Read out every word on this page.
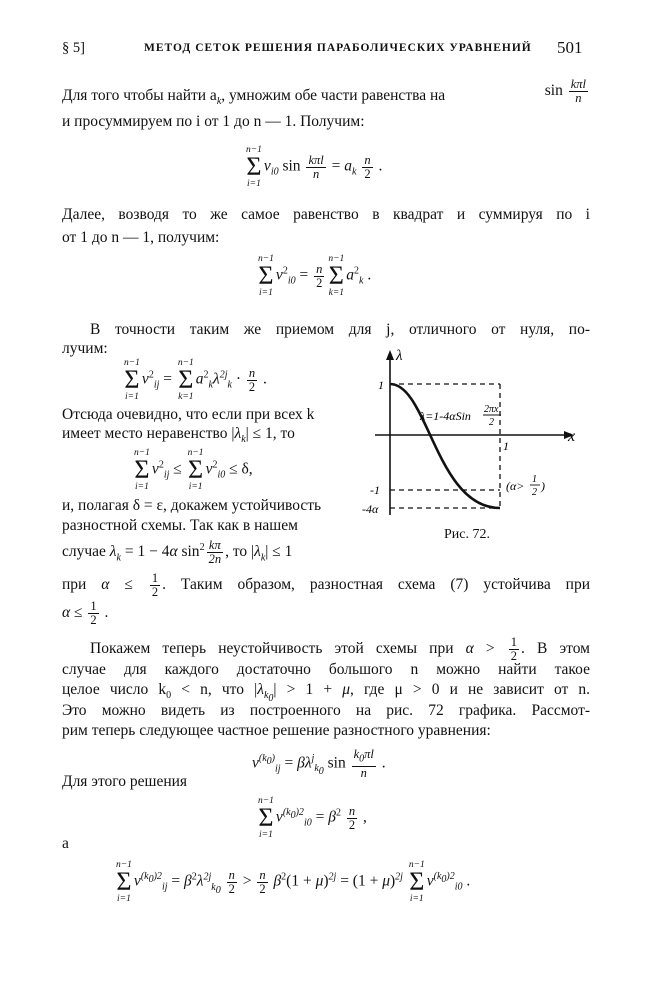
§ 5]	МЕТОД СЕТОК РЕШЕНИЯ ПАРАБОЛИЧЕСКИХ УРАВНЕНИЙ 501
Для того чтобы найти $a_k$, умножим обе части равенства на	$\sin \frac{\text{kπl}}{n}$
и просуммируем по i от 1 до n — 1. Получим:
n−1
Σ
i=1
$v_{i0}$ $\sin \frac{\text{kπl}}{n} = a_k \frac{n}{2}$ .
Далее, возводя то же самое равенство в квадрат и суммируя по i
от 1 до n — 1, получим:
n−1
Σ
i=1
$v^2_{i0} = \frac{n}{2}$
n−1
Σ
k=1
$a^2_k$ .
В точности таким же приемом для j, отличного от нуля, по-
лучим:
n−1
Σ
i=1
$v^2_{ij}$ =
n−1
Σ
k=1
$a^2_k\lambda^{2j}_k \cdot \frac{n}{2}$ .
Отсюда очевидно, что если при всех k
имеет место неравенство $|\lambda_k| \le 1$, то
n−1
Σ
i=1
$v^2_{ij}$ ≤
n−1
Σ
i=1
$v^2_{i0} \le \delta$,
и, полагая δ = ε, докажем устойчивость
разностной схемы. Так как в нашем
случае $\lambda_k = 1 - 4\alpha$ $\sin^2 \frac{k\pi}{2n}$ , то $|\lambda_k| \le 1$
при $\alpha \le \frac{1}{2}$ . Таким образом, разностная схема (7) устойчива при
$\alpha \le \frac{1}{2}$ .
Покажем теперь неустойчивость этой схемы при $\alpha > \frac{1}{2}$ . В этом
случае для каждого достаточно большого n можно найти такое
целое число $k_0 < n$, что $|\lambda_{k_0}| > 1 + \mu$, где μ > 0 и не зависит от n.
Это можно видеть из построенного на рис. 72 графика. Рассмот-
рим теперь следующее частное решение разностного уравнения:
$v^{(k_0)}_{ij} = \beta\lambda^j_{k_0}$ $\sin \frac{k_0\pi l}{n}$ .
Для этого решения
n−1
Σ
i=1
$v^{(k_0)2}_{i0} = \beta^2 \frac{n}{2}$ ,
а
n−1
Σ
i=1
$v^{(k_0)2}_{ij} = \beta^2\lambda^{2j}_{k_0} \frac{n}{2} > \frac{n}{2} \beta^2(1 + \mu)^{2j} = (1 + \mu)^{2j}$
n−1
Σ
i=1
$v^{(k_0)2}_{i0}$ .
λ
x
1
-1
-4α
1
λ=1-4αSin 2πx
2
(α> 1
2 )
Рис. 72.
